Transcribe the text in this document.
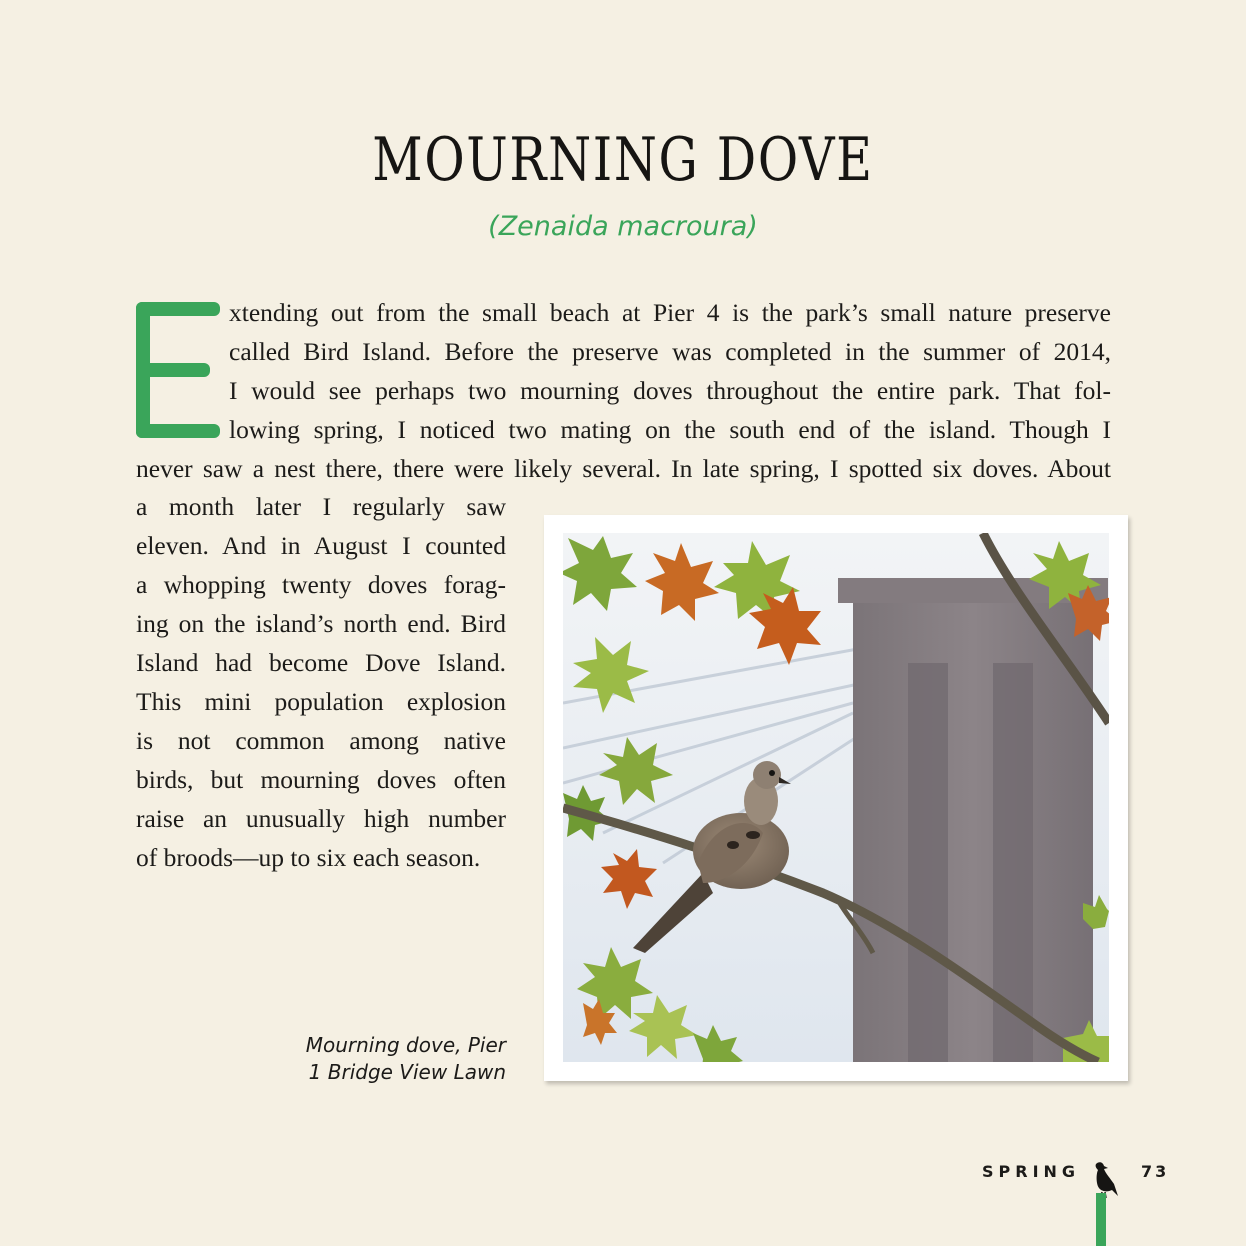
MOURNING DOVE
(Zenaida macroura)
xtending out from the small beach at Pier 4 is the park’s small nature preserve
called Bird Island. Before the preserve was completed in the summer of 2014,
I would see perhaps two mourning doves throughout the entire park. That fol-
lowing spring, I noticed two mating on the south end of the island. Though I
never saw a nest there, there were likely several. In late spring, I spotted six doves. About
a month later I regularly saw
eleven. And in August I counted
a whopping twenty doves forag-
ing on the island’s north end. Bird
Island had become Dove Island.
This mini population explosion
is not common among native
birds, but mourning doves often
raise an unusually high number
of broods—up to six each season.
Mourning dove, Pier
1 Bridge View Lawn
SPRING	73
